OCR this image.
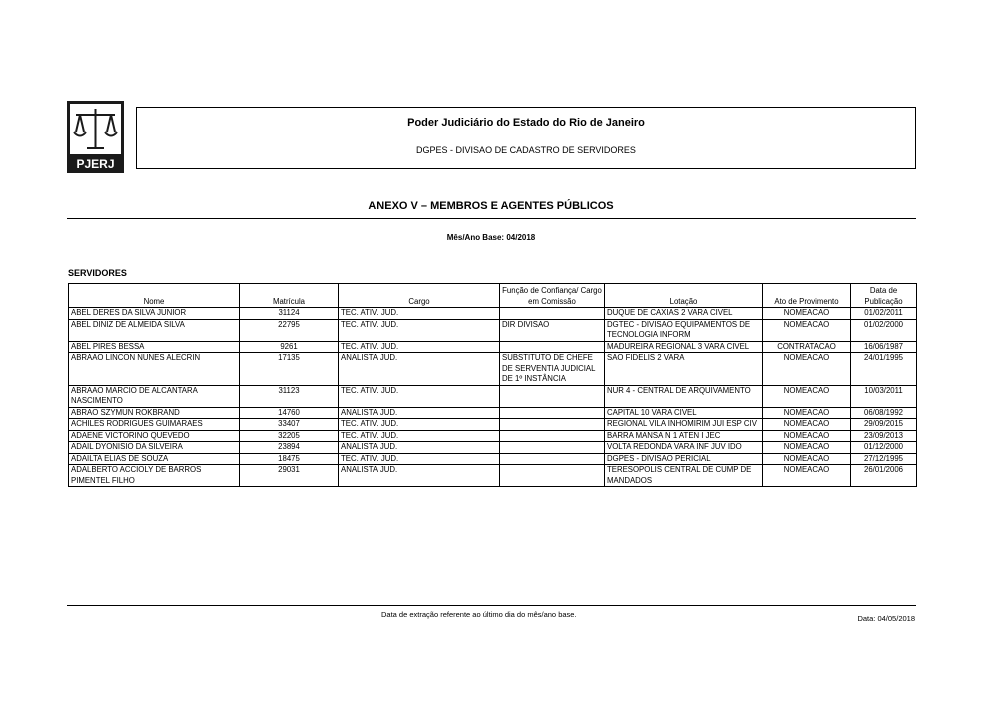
PJERJ
Poder Judiciário do Estado do Rio de Janeiro
DGPES - DIVISAO DE CADASTRO DE SERVIDORES
ANEXO V – MEMBROS E AGENTES PÚBLICOS
Mês/Ano Base: 04/2018
SERVIDORES
Nome	Matrícula	Cargo	Função de Confiança/ Cargo em Comissão	Lotação	Ato de Provimento	Data de Publicação
ABEL DERES DA SILVA JUNIOR	31124	TEC. ATIV. JUD.		DUQUE DE CAXIAS 2 VARA CIVEL	NOMEACAO	01/02/2011
ABEL DINIZ DE ALMEIDA SILVA	22795	TEC. ATIV. JUD.	DIR DIVISAO	DGTEC - DIVISAO EQUIPAMENTOS DE TECNOLOGIA INFORM	NOMEACAO	01/02/2000
ABEL PIRES BESSA	9261	TEC. ATIV. JUD.		MADUREIRA REGIONAL 3 VARA CIVEL	CONTRATACAO	16/06/1987
ABRAAO LINCON NUNES ALECRIN	17135	ANALISTA JUD.	SUBSTITUTO DE CHEFE DE SERVENTIA JUDICIAL DE 1º INSTÂNCIA	SAO FIDELIS 2 VARA	NOMEACAO	24/01/1995
ABRAAO MARCIO DE ALCANTARA NASCIMENTO	31123	TEC. ATIV. JUD.		NUR 4 - CENTRAL DE ARQUIVAMENTO	NOMEACAO	10/03/2011
ABRAO SZYMUN ROKBRAND	14760	ANALISTA JUD.		CAPITAL 10 VARA CIVEL	NOMEACAO	06/08/1992
ACHILES RODRIGUES GUIMARAES	33407	TEC. ATIV. JUD.		REGIONAL VILA INHOMIRIM JUI ESP CIV	NOMEACAO	29/09/2015
ADAENE VICTORINO QUEVEDO	32205	TEC. ATIV. JUD.		BARRA MANSA N 1 ATEN I JEC	NOMEACAO	23/09/2013
ADAIL DYONISIO DA SILVEIRA	23894	ANALISTA JUD.		VOLTA REDONDA VARA INF JUV IDO	NOMEACAO	01/12/2000
ADAILTA ELIAS DE SOUZA	18475	TEC. ATIV. JUD.		DGPES - DIVISAO PERICIAL	NOMEACAO	27/12/1995
ADALBERTO ACCIOLY DE BARROS PIMENTEL FILHO	29031	ANALISTA JUD.		TERESOPOLIS CENTRAL DE CUMP DE MANDADOS	NOMEACAO	26/01/2006
Data de extração referente ao último dia do mês/ano base.	Data: 04/05/2018
